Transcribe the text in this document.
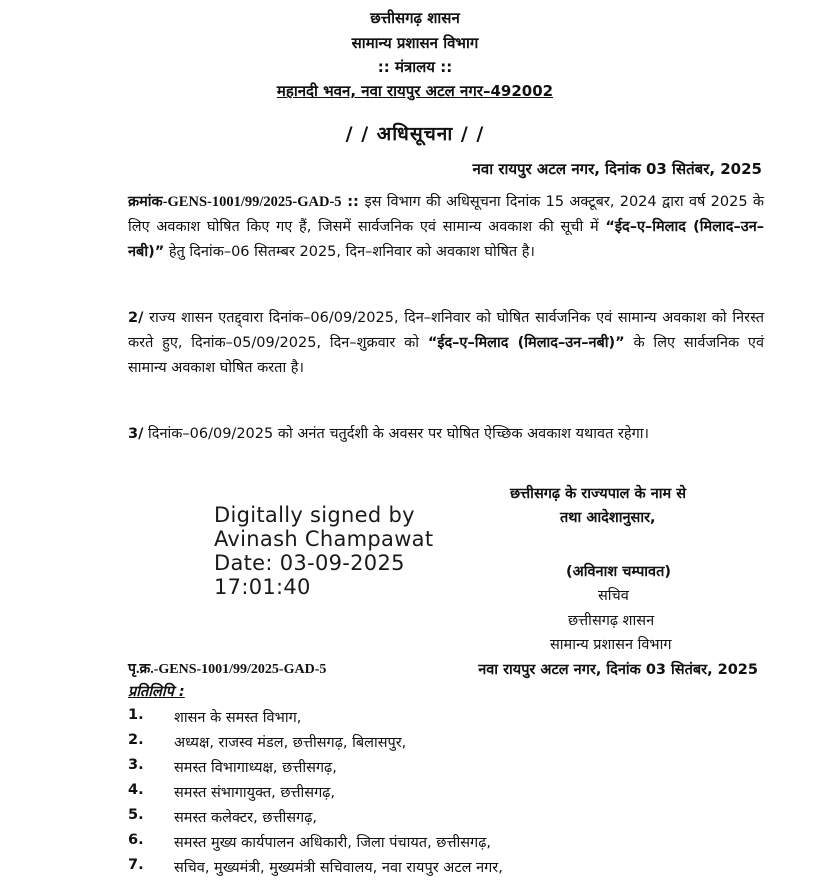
छत्तीसगढ़ शासन
सामान्य प्रशासन विभाग
:: मंत्रालय ::
महानदी भवन, नवा रायपुर अटल नगर–492002
/ / अधिसूचना / /
नवा रायपुर अटल नगर, दिनांक 03 सितंबर, 2025
क्रमांक-GENS-1001/99/2025-GAD-5 :: इस विभाग की अधिसूचना दिनांक 15 अक्टूबर, 2024 द्वारा वर्ष 2025 के लिए अवकाश घोषित किए गए हैं, जिसमें सार्वजनिक एवं सामान्य अवकाश की सूची में “ईद–ए–मिलाद (मिलाद–उन–नबी)” हेतु दिनांक–06 सितम्बर 2025, दिन–शनिवार को अवकाश घोषित है।
2/ राज्य शासन एतद्द्वारा दिनांक–06/09/2025, दिन–शनिवार को घोषित सार्वजनिक एवं सामान्य अवकाश को निरस्त करते हुए, दिनांक–05/09/2025, दिन–शुक्रवार को “ईद–ए–मिलाद (मिलाद–उन–नबी)” के लिए सार्वजनिक एवं सामान्य अवकाश घोषित करता है।
3/ दिनांक–06/09/2025 को अनंत चतुर्दशी के अवसर पर घोषित ऐच्छिक अवकाश यथावत रहेगा।
छत्तीसगढ़ के राज्यपाल के नाम से
तथा आदेशानुसार,
Digitally signed by
Avinash Champawat
Date: 03-09-2025
17:01:40
(अविनाश चम्पावत)
सचिव
छत्तीसगढ़ शासन
सामान्य प्रशासन विभाग
पृ.क्र.-GENS-1001/99/2025-GAD-5	नवा रायपुर अटल नगर, दिनांक 03 सितंबर, 2025
प्रतिलिपि :
1. शासन के समस्त विभाग,
2. अध्यक्ष, राजस्व मंडल, छत्तीसगढ़, बिलासपुर,
3. समस्त विभागाध्यक्ष, छत्तीसगढ़,
4. समस्त संभागायुक्त, छत्तीसगढ़,
5. समस्त कलेक्टर, छत्तीसगढ़,
6. समस्त मुख्य कार्यपालन अधिकारी, जिला पंचायत, छत्तीसगढ़,
7. सचिव, मुख्यमंत्री, मुख्यमंत्री सचिवालय, नवा रायपुर अटल नगर,
